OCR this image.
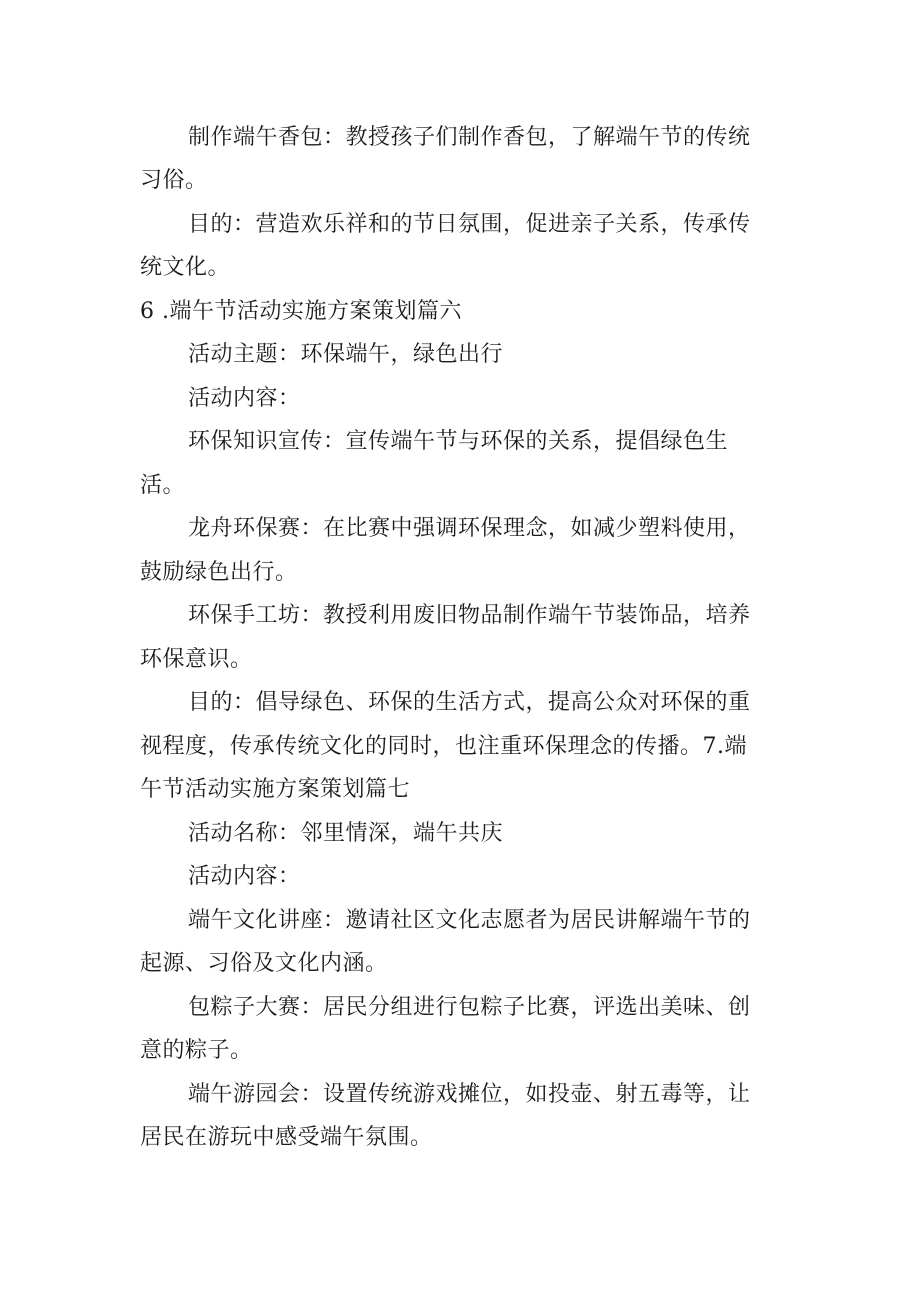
制作端午香包：教授孩子们制作香包，了解端午节的传统
习俗。
目的：营造欢乐祥和的节日氛围，促进亲子关系，传承传
统文化。
6 .端午节活动实施方案策划篇六
活动主题：环保端午，绿色出行
活动内容：
环保知识宣传：宣传端午节与环保的关系，提倡绿色生
活。
龙舟环保赛：在比赛中强调环保理念，如减少塑料使用，
鼓励绿色出行。
环保手工坊：教授利用废旧物品制作端午节装饰品，培养
环保意识。
目的：倡导绿色、环保的生活方式，提高公众对环保的重
视程度，传承传统文化的同时，也注重环保理念的传播。7.端
午节活动实施方案策划篇七
活动名称：邻里情深，端午共庆
活动内容：
端午文化讲座：邀请社区文化志愿者为居民讲解端午节的
起源、习俗及文化内涵。
包粽子大赛：居民分组进行包粽子比赛，评选出美味、创
意的粽子。
端午游园会：设置传统游戏摊位，如投壶、射五毒等，让
居民在游玩中感受端午氛围。
